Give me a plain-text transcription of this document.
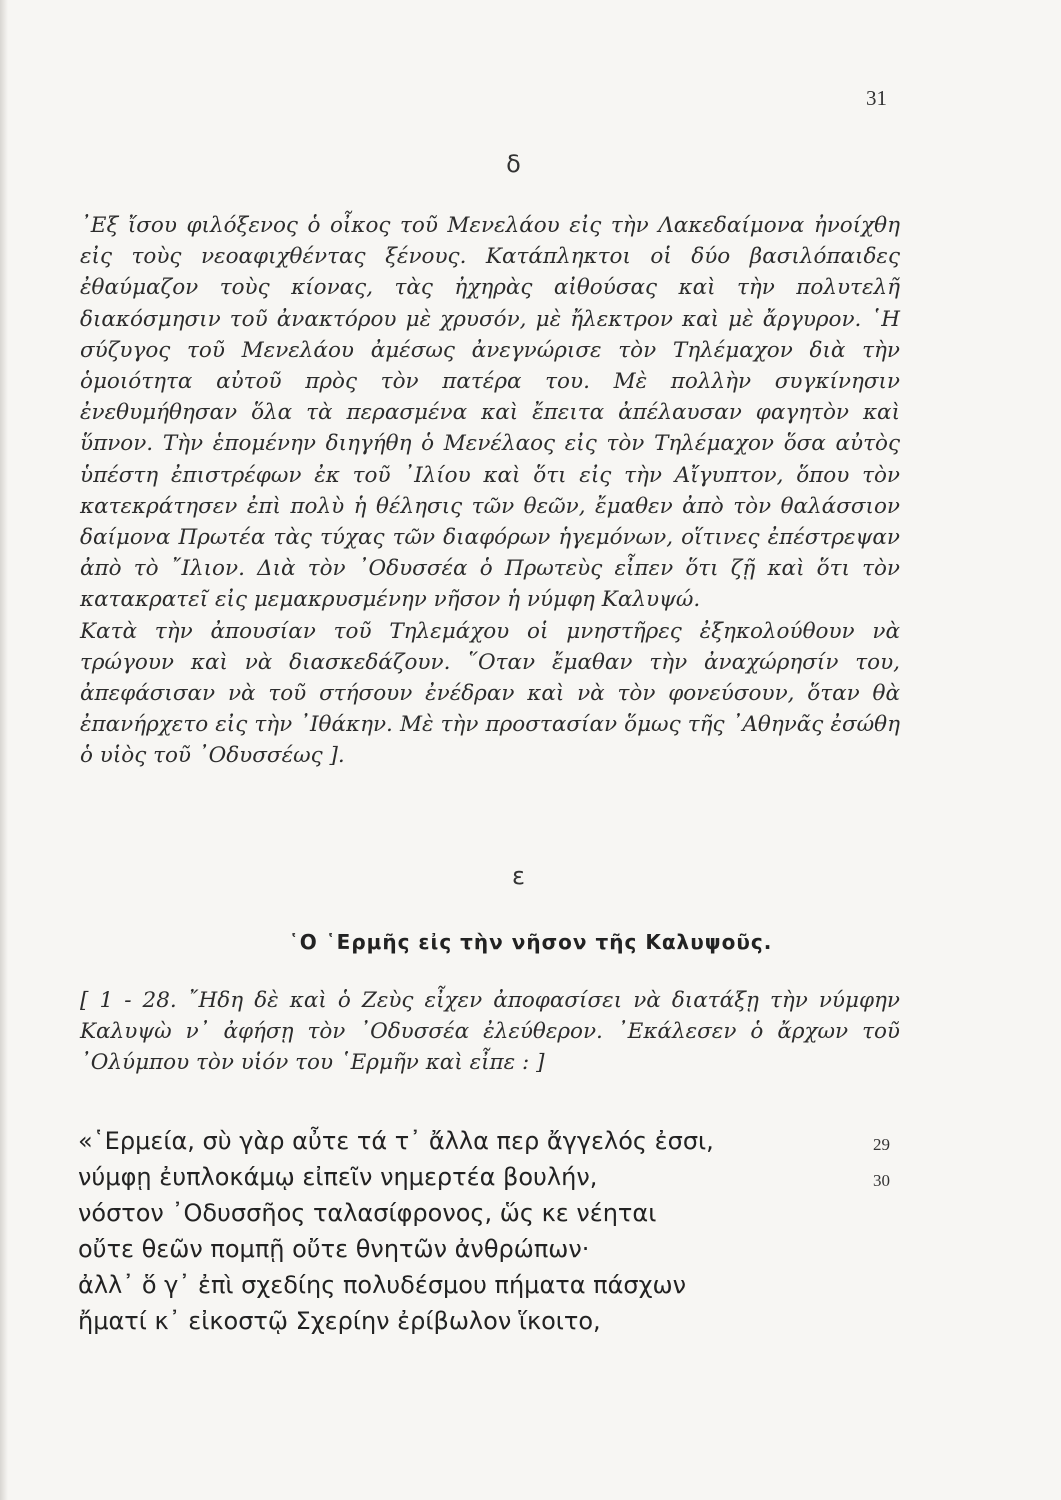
31
δ

᾿Εξ ἴσου φιλόξενος ὁ οἶκος τοῦ Μενελάου εἰς τὴν Λακεδαίμονα ἠνοίχθη εἰς τοὺς νεοαφιχθέντας ξένους. Κατάπληκτοι οἱ δύο βασιλόπαιδες ἐθαύμαζον τοὺς κίονας, τὰς ἠχηρὰς αἰθούσας καὶ τὴν πολυτελῆ διακόσμησιν τοῦ ἀνακτόρου μὲ χρυσόν, μὲ ἤλεκτρον καὶ μὲ ἄργυρον. ῾Η σύζυγος τοῦ Μενελάου ἀμέσως ἀνεγνώρισε τὸν Τηλέμαχον διὰ τὴν ὁμοιότητα αὐτοῦ πρὸς τὸν πατέρα του. Μὲ πολλὴν συγκίνησιν ἐνεθυμήθησαν ὅλα τὰ περασμένα καὶ ἔπειτα ἀπέλαυσαν φαγητὸν καὶ ὕπνον. Τὴν ἑπομένην διηγήθη ὁ Μενέλαος εἰς τὸν Τηλέμαχον ὅσα αὐτὸς ὑπέστη ἐπιστρέφων ἐκ τοῦ ᾿Ιλίου καὶ ὅτι εἰς τὴν Αἴγυπτον, ὅπου τὸν κατεκράτησεν ἐπὶ πολὺ ἡ θέλησις τῶν θεῶν, ἔμαθεν ἀπὸ τὸν θαλάσσιον δαίμονα Πρωτέα τὰς τύχας τῶν διαφόρων ἡγεμόνων, οἵτινες ἐπέστρεψαν ἀπὸ τὸ ῎Ιλιον. Διὰ τὸν ᾿Οδυσσέα ὁ Πρωτεὺς εἶπεν ὅτι ζῇ καὶ ὅτι τὸν κατακρατεῖ εἰς μεμακρυσμένην νῆσον ἡ νύμφη Καλυψώ.

Κατὰ τὴν ἀπουσίαν τοῦ Τηλεμάχου οἱ μνηστῆρες ἐξηκολούθουν νὰ τρώγουν καὶ νὰ διασκεδάζουν. ῞Οταν ἔμαθαν τὴν ἀναχώρησίν του, ἀπεφάσισαν νὰ τοῦ στήσουν ἐνέδραν καὶ νὰ τὸν φονεύσουν, ὅταν θὰ ἐπανήρχετο εἰς τὴν ᾿Ιθάκην. Μὲ τὴν προστασίαν ὅμως τῆς ᾿Αθηνᾶς ἐσώθη ὁ υἱὸς τοῦ ᾿Οδυσσέως ].

ε
῾Ο ῾Ερμῆς εἰς τὴν νῆσον τῆς Καλυψοῦς.

[ 1 - 28. ῎Ηδη δὲ καὶ ὁ Ζεὺς εἶχεν ἀποφασίσει νὰ διατάξῃ τὴν νύμφην Καλυψὼ ν᾿ ἀφήσῃ τὸν ᾿Οδυσσέα ἐλεύθερον. ᾿Εκάλεσεν ὁ ἄρχων τοῦ ᾿Ολύμπου τὸν υἱόν του ῾Ερμῆν καὶ εἶπε : ]

«῾Ερμεία, σὺ γὰρ αὖτε τά τ᾿ ἄλλα περ ἄγγελός ἐσσι,	29
νύμφῃ ἐυπλοκάμῳ εἰπεῖν νημερτέα βουλήν,	30
νόστον ᾿Οδυσσῆος ταλασίφρονος, ὥς κε νέηται
οὔτε θεῶν πομπῇ οὔτε θνητῶν ἀνθρώπων·
ἀλλ᾿ ὅ γ᾿ ἐπὶ σχεδίης πολυδέσμου πήματα πάσχων
ἤματί κ᾿ εἰκοστῷ Σχερίην ἐρίβωλον ἵκοιτο,
